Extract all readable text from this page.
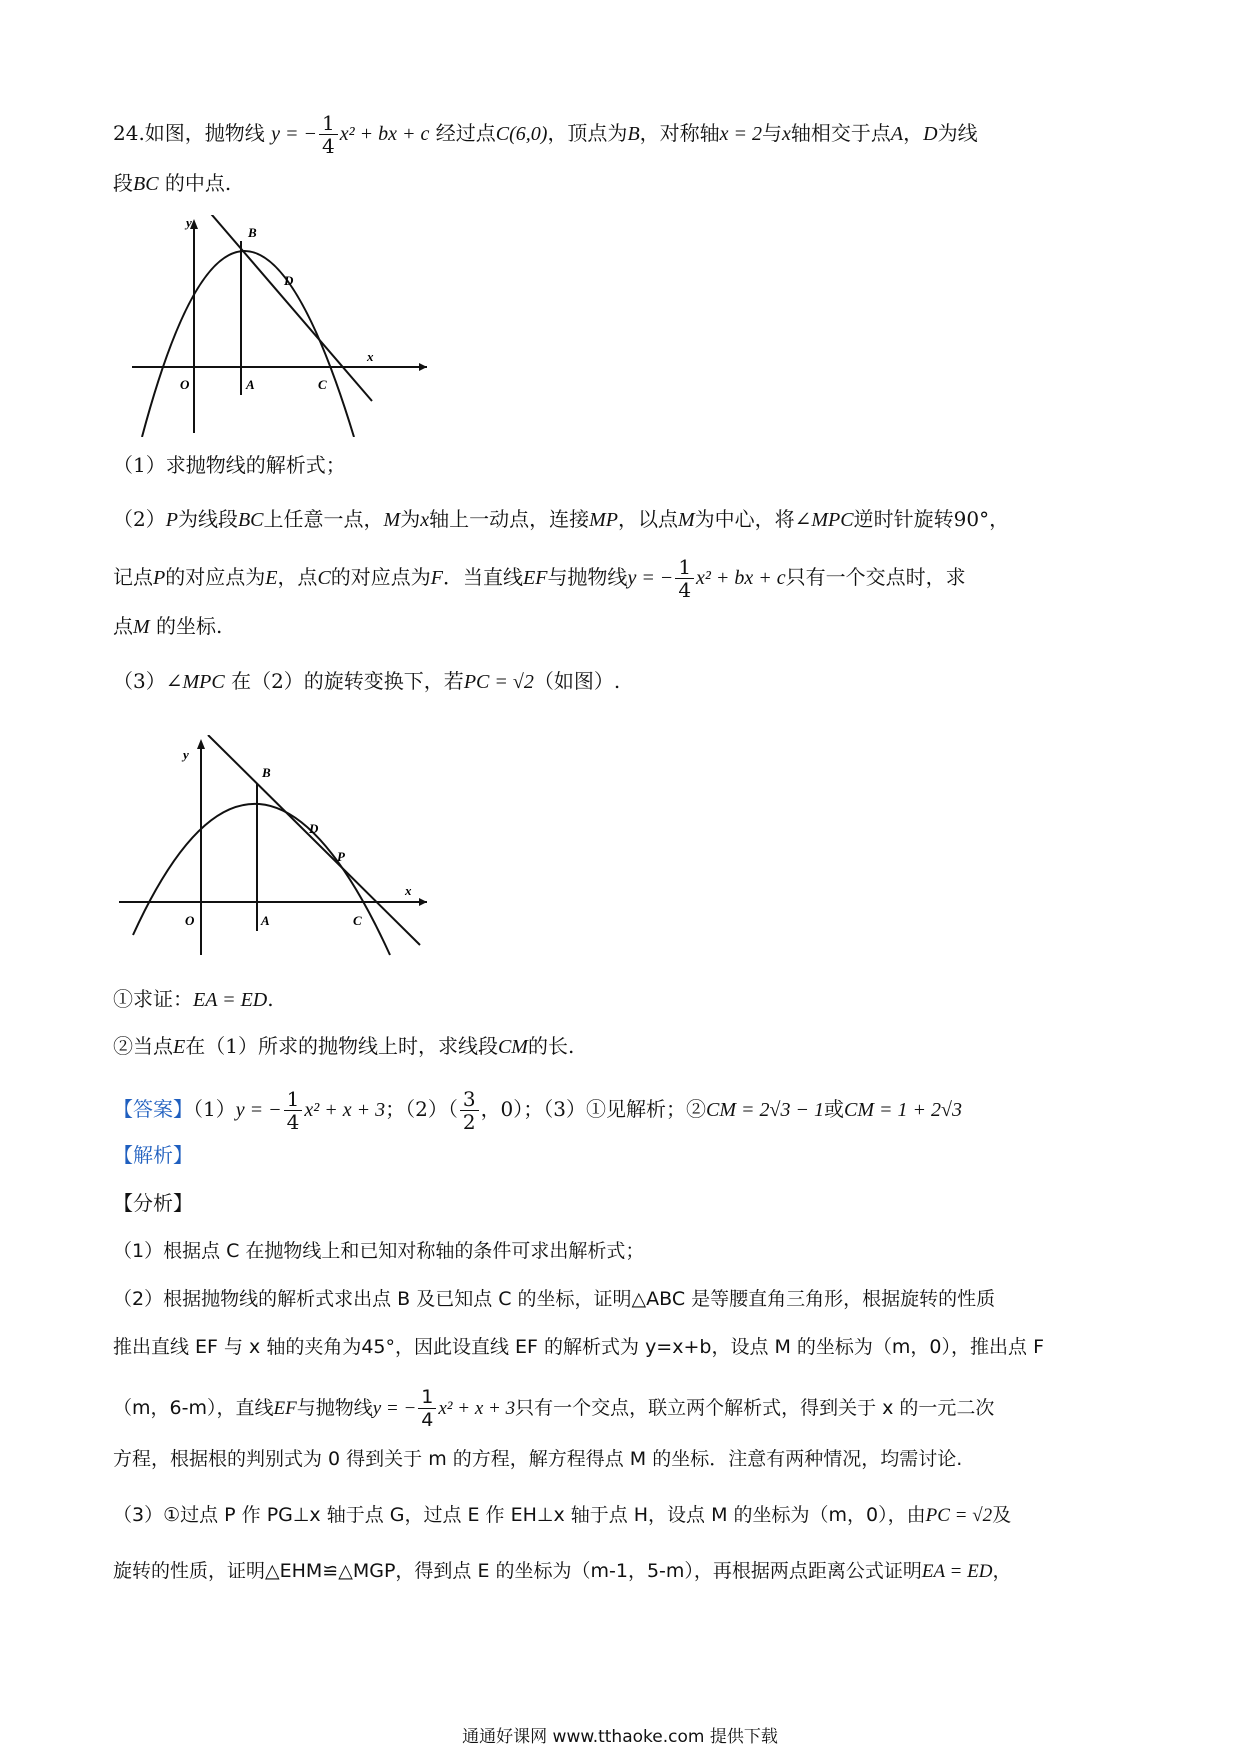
24.如图，抛物线 y = − $\frac{1}{4} x^2$ + bx + c 经过点C(6,0)，顶点为B，对称轴x = 2与x轴相交于点A，D为线
段BC 的中点.
y
x
O	A
B
C
D
（1）求抛物线的解析式；
（2）P为线段BC上任意一点，M为x轴上一动点，连接MP，以点M为中心，将∠MPC逆时针旋转90°，
记点P的对应点为E，点C的对应点为F．当直线EF与抛物线y = − $\frac{1}{4} x^2$ + bx + c只有一个交点时，求
点M 的坐标.
（3）∠MPC 在（2）的旋转变换下，若PC = √2（如图）.
y
x
O	A
B
C
D
P
①求证：EA = ED.
②当点E在（1）所求的抛物线上时，求线段CM的长.
【答案】（1）y = − $\frac{1}{4} x^2 + x + 3$；$(2)( \frac{3}{2}$ ，0）；（3）①见解析；②CM = 2√3 − 1或CM = 1 + 2√3
【解析】
【分析】
（1）根据点 C 在抛物线上和已知对称轴的条件可求出解析式；
（2）根据抛物线的解析式求出点 B 及已知点 C 的坐标，证明△ABC 是等腰直角三角形，根据旋转的性质
推出直线 EF 与 x 轴的夹角为45°，因此设直线 EF 的解析式为 y=x+b，设点 M 的坐标为（m，0），推出点 F
（m，6-m），直线EF与抛物线y = − $\frac{1}{4} x^2 + x + 3$只有一个交点，联立两个解析式，得到关于 x 的一元二次
方程，根据根的判别式为 0 得到关于 m 的方程，解方程得点 M 的坐标．注意有两种情况，均需讨论.
（3）①过点 P 作 PG⊥x 轴于点 G，过点 E 作 EH⊥x 轴于点 H，设点 M 的坐标为（m，0），由PC = √2及
旋转的性质，证明△EHM≌△MGP，得到点 E 的坐标为（m-1，5-m），再根据两点距离公式证明EA = ED，
通通好课网 www.tthaoke.com 提供下载
